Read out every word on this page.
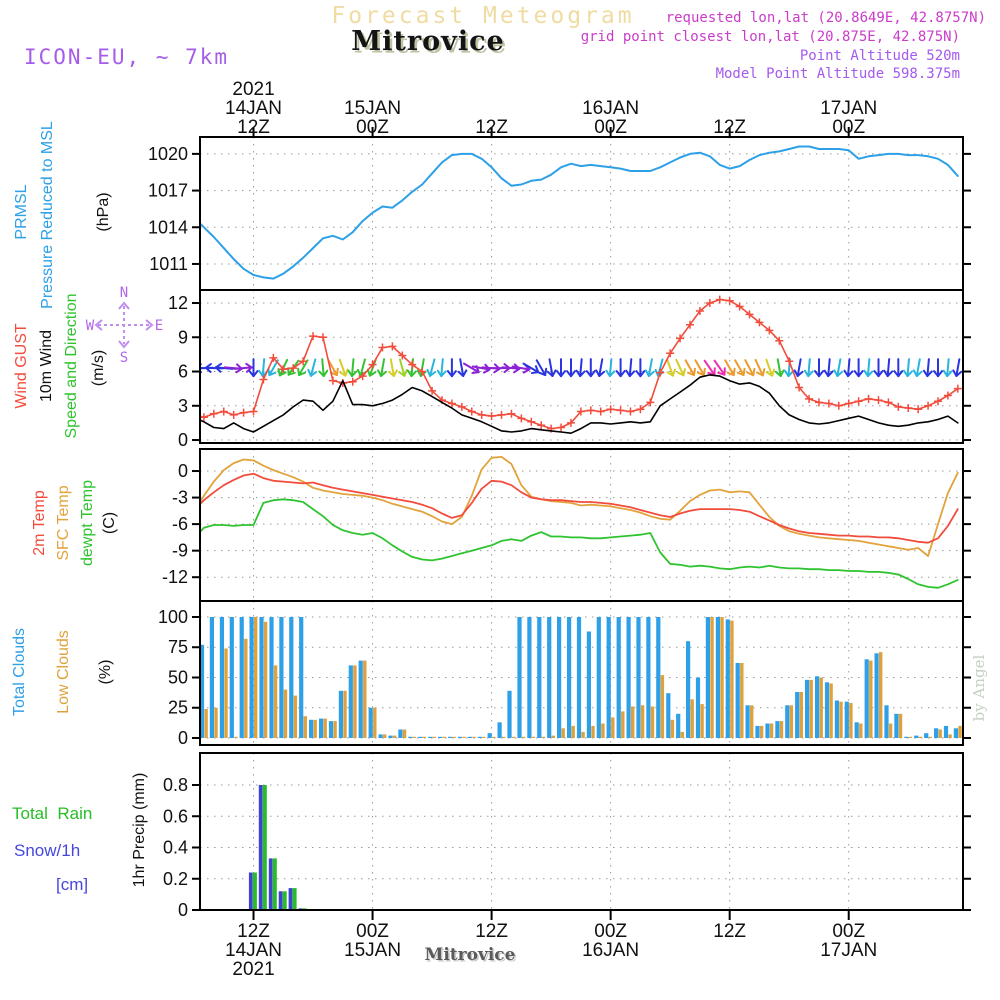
1020
1017
1014
1011
12
9
6
3
0
0
-3
-6
-9
-12
100
75
50
25
0
0.8
0.6
0.4
0.2
0
12Z
14JAN
2021
12Z
14JAN
2021
00Z
15JAN
00Z
15JAN
12Z
12Z
00Z
16JAN
00Z
16JAN
12Z
12Z
00Z
17JAN
00Z
17JAN
Forecast Meteogram
Mitrovice
requested lon,lat (20.8649E, 42.8757N)
grid point closest lon,lat (20.875E, 42.875N)
Point Altitude 520m
Model Point Altitude 598.375m
ICON-EU, ~ 7km
PRMSL Pressure Reduced to MSL (hPa)
Wind GUST 10m Wind Speed and Direction (m/s)
N
S
W	E
2m Temp SFC Temp dewpt Temp (C)
Total Clouds Low Clouds (%)
Total  Rain
Snow/1h
[cm]	1hr Precip (mm)
by Angel
Mitrovice
